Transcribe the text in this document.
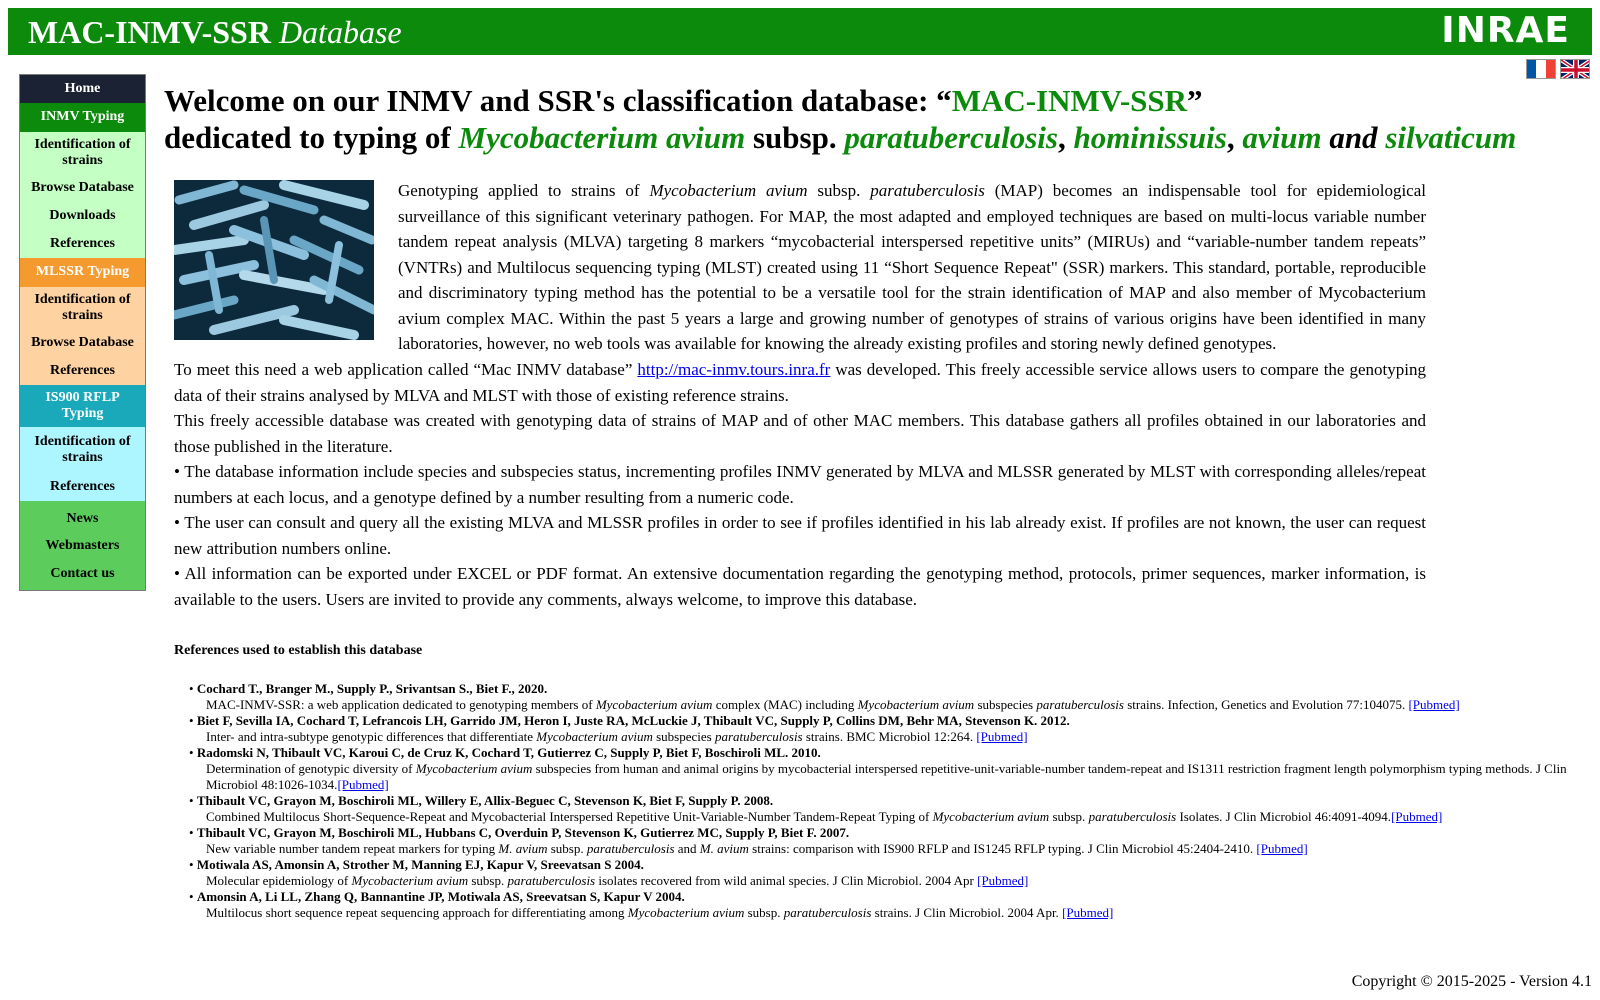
MAC-INMV-SSR Database	INRAE
Home
INMV Typing
Identification of strains
Browse Database
Downloads
References
MLSSR Typing
Identification of strains
Browse Database
References
IS900 RFLP Typing
Identification of strains
References
News
Webmasters
Contact us
Welcome on our INMV and SSR's classification database: “MAC-INMV-SSR”
dedicated to typing of Mycobacterium avium subsp. paratuberculosis, hominissuis, avium and silvaticum
Genotyping applied to strains of Mycobacterium avium subsp. paratuberculosis (MAP) becomes an indispensable tool for epidemiological surveillance of this significant veterinary pathogen. For MAP, the most adapted and employed techniques are based on multi-locus variable number tandem repeat analysis (MLVA) targeting 8 markers “mycobacterial interspersed repetitive units” (MIRUs) and “variable-number tandem repeats” (VNTRs) and Multilocus sequencing typing (MLST) created using 11 “Short Sequence Repeat" (SSR) markers. This standard, portable, reproducible and discriminatory typing method has the potential to be a versatile tool for the strain identification of MAP and also member of Mycobacterium avium complex MAC. Within the past 5 years a large and growing number of genotypes of strains of various origins have been identified in many laboratories, however, no web tools was available for knowing the already existing profiles and storing newly defined genotypes.

To meet this need a web application called “Mac INMV database” http://mac-inmv.tours.inra.fr was developed. This freely accessible service allows users to compare the genotyping data of their strains analysed by MLVA and MLST with those of existing reference strains.

This freely accessible database was created with genotyping data of strains of MAP and of other MAC members. This database gathers all profiles obtained in our laboratories and those published in the literature.

• The database information include species and subspecies status, incrementing profiles INMV generated by MLVA and MLSSR generated by MLST with corresponding alleles/repeat numbers at each locus, and a genotype defined by a number resulting from a numeric code.

• The user can consult and query all the existing MLVA and MLSSR profiles in order to see if profiles identified in his lab already exist. If profiles are not known, the user can request new attribution numbers online.

• All information can be exported under EXCEL or PDF format. An extensive documentation regarding the genotyping method, protocols, primer sequences, marker information, is available to the users. Users are invited to provide any comments, always welcome, to improve this database.

References used to establish this database
• Cochard T., Branger M., Supply P., Srivantsan S., Biet F., 2020.
MAC-INMV-SSR: a web application dedicated to genotyping members of Mycobacterium avium complex (MAC) including Mycobacterium avium subspecies paratuberculosis strains. Infection, Genetics and Evolution 77:104075. [Pubmed]
• Biet F, Sevilla IA, Cochard T, Lefrancois LH, Garrido JM, Heron I, Juste RA, McLuckie J, Thibault VC, Supply P, Collins DM, Behr MA, Stevenson K. 2012.
Inter- and intra-subtype genotypic differences that differentiate Mycobacterium avium subspecies paratuberculosis strains. BMC Microbiol 12:264. [Pubmed]
• Radomski N, Thibault VC, Karoui C, de Cruz K, Cochard T, Gutierrez C, Supply P, Biet F, Boschiroli ML. 2010.
Determination of genotypic diversity of Mycobacterium avium subspecies from human and animal origins by mycobacterial interspersed repetitive-unit-variable-number tandem-repeat and IS1311 restriction fragment length polymorphism typing methods. J Clin Microbiol 48:1026-1034.[Pubmed]
• Thibault VC, Grayon M, Boschiroli ML, Willery E, Allix-Beguec C, Stevenson K, Biet F, Supply P. 2008.
Combined Multilocus Short-Sequence-Repeat and Mycobacterial Interspersed Repetitive Unit-Variable-Number Tandem-Repeat Typing of Mycobacterium avium subsp. paratuberculosis Isolates. J Clin Microbiol 46:4091-4094.[Pubmed]
• Thibault VC, Grayon M, Boschiroli ML, Hubbans C, Overduin P, Stevenson K, Gutierrez MC, Supply P, Biet F. 2007.
New variable number tandem repeat markers for typing M. avium subsp. paratuberculosis and M. avium strains: comparison with IS900 RFLP and IS1245 RFLP typing. J Clin Microbiol 45:2404-2410. [Pubmed]
• Motiwala AS, Amonsin A, Strother M, Manning EJ, Kapur V, Sreevatsan S 2004.
Molecular epidemiology of Mycobacterium avium subsp. paratuberculosis isolates recovered from wild animal species. J Clin Microbiol. 2004 Apr [Pubmed]
• Amonsin A, Li LL, Zhang Q, Bannantine JP, Motiwala AS, Sreevatsan S, Kapur V 2004.
Multilocus short sequence repeat sequencing approach for differentiating among Mycobacterium avium subsp. paratuberculosis strains. J Clin Microbiol. 2004 Apr. [Pubmed]
Copyright © 2015-2025 - Version 4.1
